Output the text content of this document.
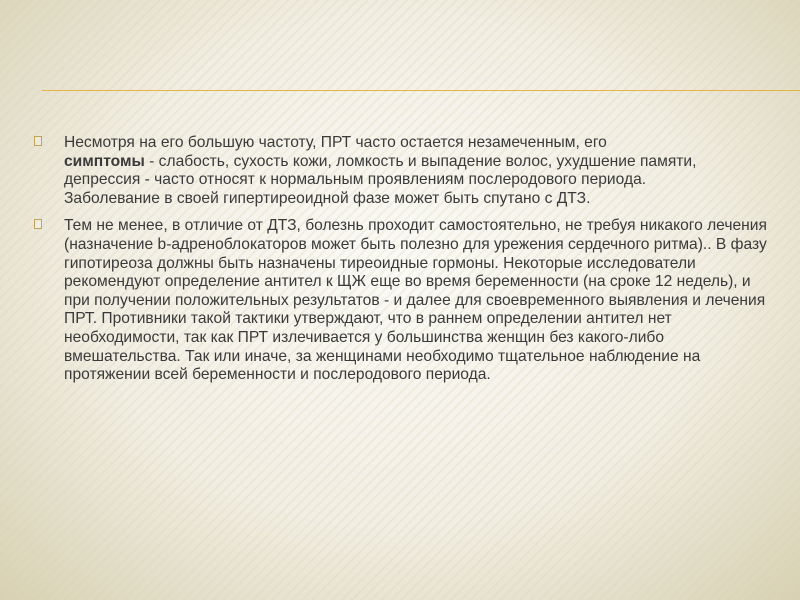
Несмотря на его большую частоту, ПРТ часто остается незамеченным, его
симптомы - слабость, сухость кожи, ломкость и выпадение волос, ухудшение памяти, депрессия - часто относят к нормальным проявлениям послеродового периода.
Заболевание в своей гипертиреоидной фазе может быть спутано с ДТЗ.

Тем не менее, в отличие от ДТЗ, болезнь проходит самостоятельно, не требуя никакого лечения (назначение b-адреноблокаторов может быть полезно для урежения сердечного ритма).. В фазу гипотиреоза должны быть назначены тиреоидные гормоны. Некоторые исследователи рекомендуют определение антител к ЩЖ еще во время беременности (на сроке 12 недель), и при получении положительных результатов - и далее для своевременного выявления и лечения ПРТ. Противники такой тактики утверждают, что в раннем определении антител нет необходимости, так как ПРТ излечивается у большинства женщин без какого-либо вмешательства. Так или иначе, за женщинами необходимо тщательное наблюдение на протяжении всей беременности и послеродового периода.
